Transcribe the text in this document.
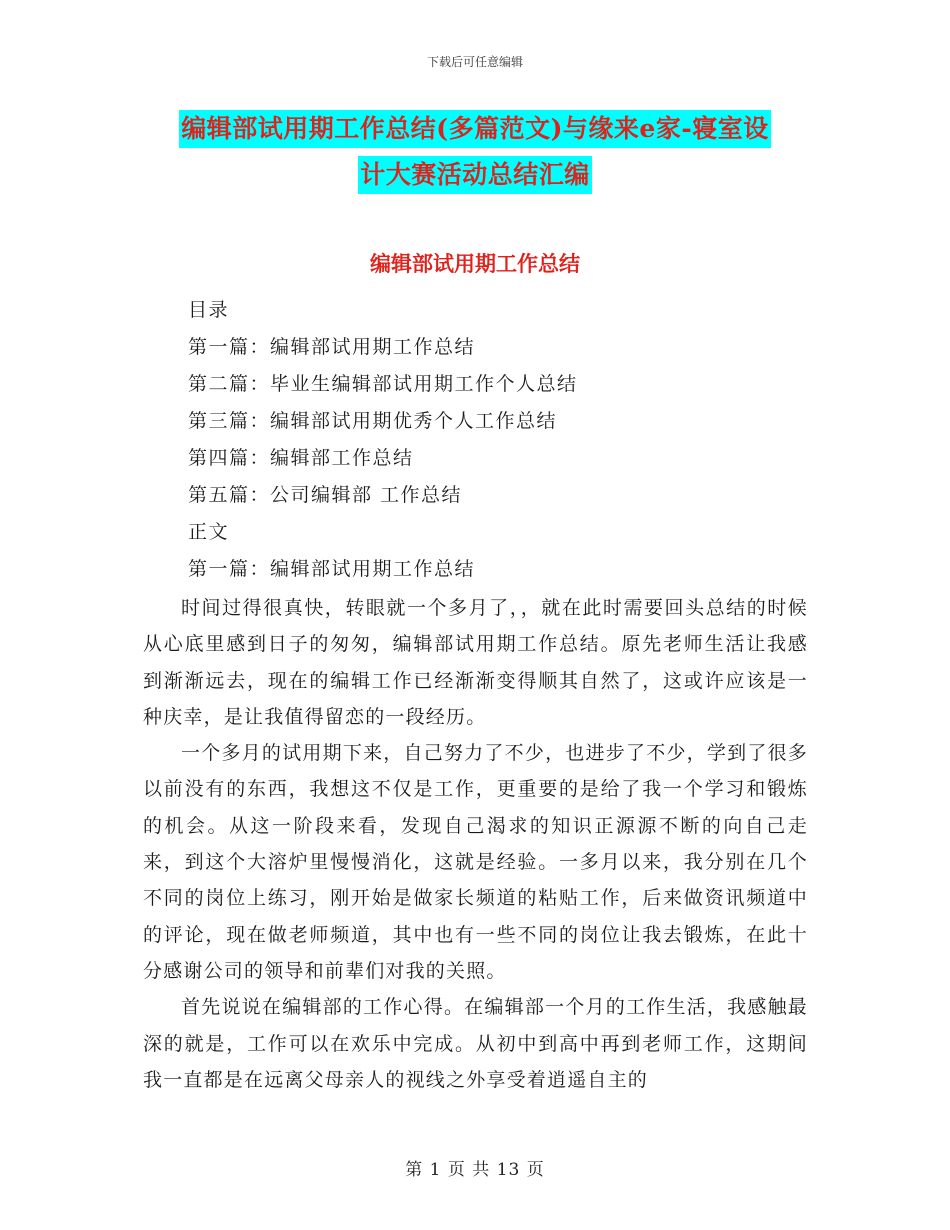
下载后可任意编辑
编辑部试用期工作总结(多篇范文)与缘来e家-寝室设
计大赛活动总结汇编
编辑部试用期工作总结
目录
第一篇：编辑部试用期工作总结
第二篇：毕业生编辑部试用期工作个人总结
第三篇：编辑部试用期优秀个人工作总结
第四篇：编辑部工作总结
第五篇：公司编辑部 工作总结
正文
第一篇：编辑部试用期工作总结

时间过得很真快，转眼就一个多月了，，就在此时需要回头总结的时候从心底里感到日子的匆匆，编辑部试用期工作总结。原先老师生活让我感到渐渐远去，现在的编辑工作已经渐渐变得顺其自然了，这或许应该是一种庆幸，是让我值得留恋的一段经历。

一个多月的试用期下来，自己努力了不少，也进步了不少，学到了很多以前没有的东西，我想这不仅是工作，更重要的是给了我一个学习和锻炼的机会。从这一阶段来看，发现自己渴求的知识正源源不断的向自己走来，到这个大溶炉里慢慢消化，这就是经验。一多月以来，我分别在几个不同的岗位上练习，刚开始是做家长频道的粘贴工作，后来做资讯频道中的评论，现在做老师频道，其中也有一些不同的岗位让我去锻炼，在此十分感谢公司的领导和前辈们对我的关照。

首先说说在编辑部的工作心得。在编辑部一个月的工作生活，我感触最深的就是，工作可以在欢乐中完成。从初中到高中再到老师工作，这期间我一直都是在远离父母亲人的视线之外享受着逍遥自主的

第 1 页 共 13 页
